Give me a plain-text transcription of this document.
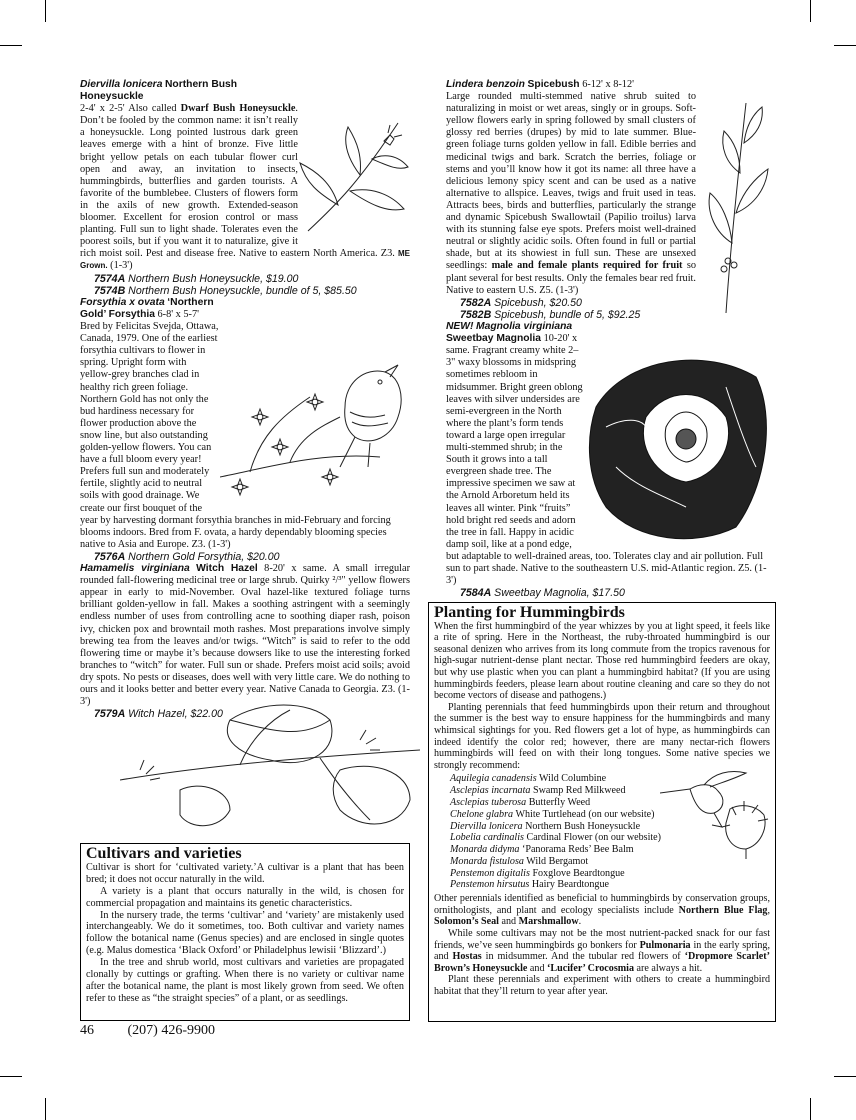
Diervilla lonicera Northern Bush Honeysuckle

2-4' x 2-5' Also called Dwarf Bush Honeysuckle. Don’t be fooled by the common name: it isn’t really a honeysuckle. Long pointed lustrous dark green leaves emerge with a hint of bronze. Five little bright yellow petals on each tubular flower curl open and away, an invitation to insects, hummingbirds, butterflies and garden tourists. A favorite of the bumblebee. Clusters of flowers form in the axils of new growth. Extended-season bloomer. Excellent for erosion control or mass planting. Full sun to light shade. Tolerates even the poorest soils, but if you want it to naturalize, give it rich moist soil. Pest and disease free. Native to eastern North America. Z3. ME Grown. (1-3')

7574A Northern Bush Honeysuckle, $19.00
7574B Northern Bush Honeysuckle, bundle of 5, $85.50
Forsythia x ovata ‘Northern Gold’ Forsythia 6-8' x 5-7' Bred by Felicitas Svejda, Ottawa, Canada, 1979. One of the earliest forsythia cultivars to flower in spring. Upright form with yellow-grey branches clad in healthy rich green foliage. Northern Gold has not only the bud hardiness necessary for flower production above the snow line, but also outstanding golden-yellow flowers. You can have a full bloom every year! Prefers full sun and moderately fertile, slightly acid to neutral soils with good drainage. We create our first bouquet of the year by harvesting dormant forsythia branches in mid-February and forcing blooms indoors. Bred from F. ovata, a hardy dependably blooming species native to Asia and Europe. Z3. (1-3')
7576A Northern Gold Forsythia, $20.00
Hamamelis virginiana Witch Hazel 8-20' x same. A small irregular rounded fall-flowering medicinal tree or large shrub. Quirky ²/³" yellow flowers appear in early to mid-November. Oval hazel-like textured foliage turns brilliant golden-yellow in fall. Makes a soothing astringent with a seemingly endless number of uses from controlling acne to soothing diaper rash, poison ivy, chicken pox and browntail moth rashes. Most preparations involve simply brewing tea from the leaves and/or twigs. “Witch” is said to refer to the odd flowering time or maybe it’s because dowsers like to use the interesting forked branches to “witch” for water. Full sun or shade. Prefers moist acid soils; avoid dry spots. No pests or diseases, does well with very little care. We do nothing to ours and it looks better and better every year. Native Canada to Georgia. Z3. (1-3')
7579A Witch Hazel, $22.00
Cultivars and varieties

Cultivar is short for ‘cultivated variety.’A cultivar is a plant that has been bred; it does not occur naturally in the wild.

A variety is a plant that occurs naturally in the wild, is chosen for commercial propagation and maintains its genetic characteristics.

In the nursery trade, the terms ‘cultivar’ and ‘variety’ are mistakenly used interchangeably. We do it sometimes, too. Both cultivar and variety names follow the botanical name (Genus species) and are enclosed in single quotes (e.g. Malus domestica ‘Black Oxford’ or Philadelphus lewisii ‘Blizzard’.)

In the tree and shrub world, most cultivars and varieties are propagated clonally by cuttings or grafting. When there is no variety or cultivar name after the botanical name, the plant is most likely grown from seed. We often refer to these as “the straight species” of a plant, or as seedlings.

Lindera benzoin Spicebush 6-12' x 8-12'

Large rounded multi-stemmed native shrub suited to naturalizing in moist or wet areas, singly or in groups. Soft-yellow flowers early in spring followed by small clusters of glossy red berries (drupes) by mid to late summer. Blue-green foliage turns golden yellow in fall. Edible berries and medicinal twigs and bark. Scratch the berries, foliage or stems and you’ll know how it got its name: all three have a delicious lemony spicy scent and can be used as a native alternative to allspice. Leaves, twigs and fruit used in teas. Attracts bees, birds and butterflies, particularly the strange and dynamic Spicebush Swallowtail (Papilio troilus) larva with its stunning false eye spots. Prefers moist well-drained neutral or slightly acidic soils. Often found in full or partial shade, but at its showiest in full sun. These are unsexed seedlings: male and female plants required for fruit so plant several for best results. Only the females bear red fruit. Native to eastern U.S. Z5. (1-3')

7582A Spicebush, $20.50
7582B Spicebush, bundle of 5, $92.25
NEW! Magnolia virginiana Sweetbay Magnolia 10-20' x same. Fragrant creamy white 2–3" waxy blossoms in midspring sometimes rebloom in midsummer. Bright green oblong leaves with silver undersides are semi-evergreen in the North where the plant’s form tends toward a large open irregular multi-stemmed shrub; in the South it grows into a tall evergreen shade tree. The impressive specimen we saw at the Arnold Arboretum held its leaves all winter. Pink “fruits” hold bright red seeds and adorn the tree in fall. Happy in acidic damp soil, like at a pond edge, but adaptable to well-drained areas, too. Tolerates clay and air pollution. Full sun to part shade. Native to the southeastern U.S. mid-Atlantic region. Z5. (1-3')
7584A Sweetbay Magnolia, $17.50
Planting for Hummingbirds

When the first hummingbird of the year whizzes by you at light speed, it feels like a rite of spring. Here in the Northeast, the ruby-throated hummingbird is our seasonal denizen who arrives from its long commute from the tropics ravenous for high-sugar nutrient-dense plant nectar. Those red hummingbird feeders are okay, but why use plastic when you can plant a hummingbird habitat? (If you are using hummingbirds feeders, please learn about routine cleaning and care so they do not become vectors of disease and pathogens.)

Planting perennials that feed hummingbirds upon their return and throughout the summer is the best way to ensure happiness for the hummingbirds and many whimsical sightings for you. Red flowers get a lot of hype, as hummingbirds can indeed identify the color red; however, there are many nectar-rich flowers hummingbirds will feed on with their long tongues. Some native species we strongly recommend:

Aquilegia canadensis Wild Columbine
Asclepias incarnata Swamp Red Milkweed
Asclepias tuberosa Butterfly Weed
Chelone glabra White Turtlehead (on our website)
Diervilla lonicera Northern Bush Honeysuckle
Lobelia cardinalis Cardinal Flower (on our website)
Monarda didyma ‘Panorama Reds’ Bee Balm
Monarda fistulosa Wild Bergamot
Penstemon digitalis Foxglove Beardtongue
Penstemon hirsutus Hairy Beardtongue

Other perennials identified as beneficial to hummingbirds by conservation groups, ornithologists, and plant and ecology specialists include Northern Blue Flag, Solomon’s Seal and Marshmallow.

While some cultivars may not be the most nutrient-packed snack for our fast friends, we’ve seen hummingbirds go bonkers for Pulmonaria in the early spring, and Hostas in midsummer. And the tubular red flowers of ‘Dropmore Scarlet’ Brown’s Honeysuckle and ‘Lucifer’ Crocosmia are always a hit.

Plant these perennials and experiment with others to create a hummingbird habitat that they’ll return to year after year.

46 (207) 426-9900
